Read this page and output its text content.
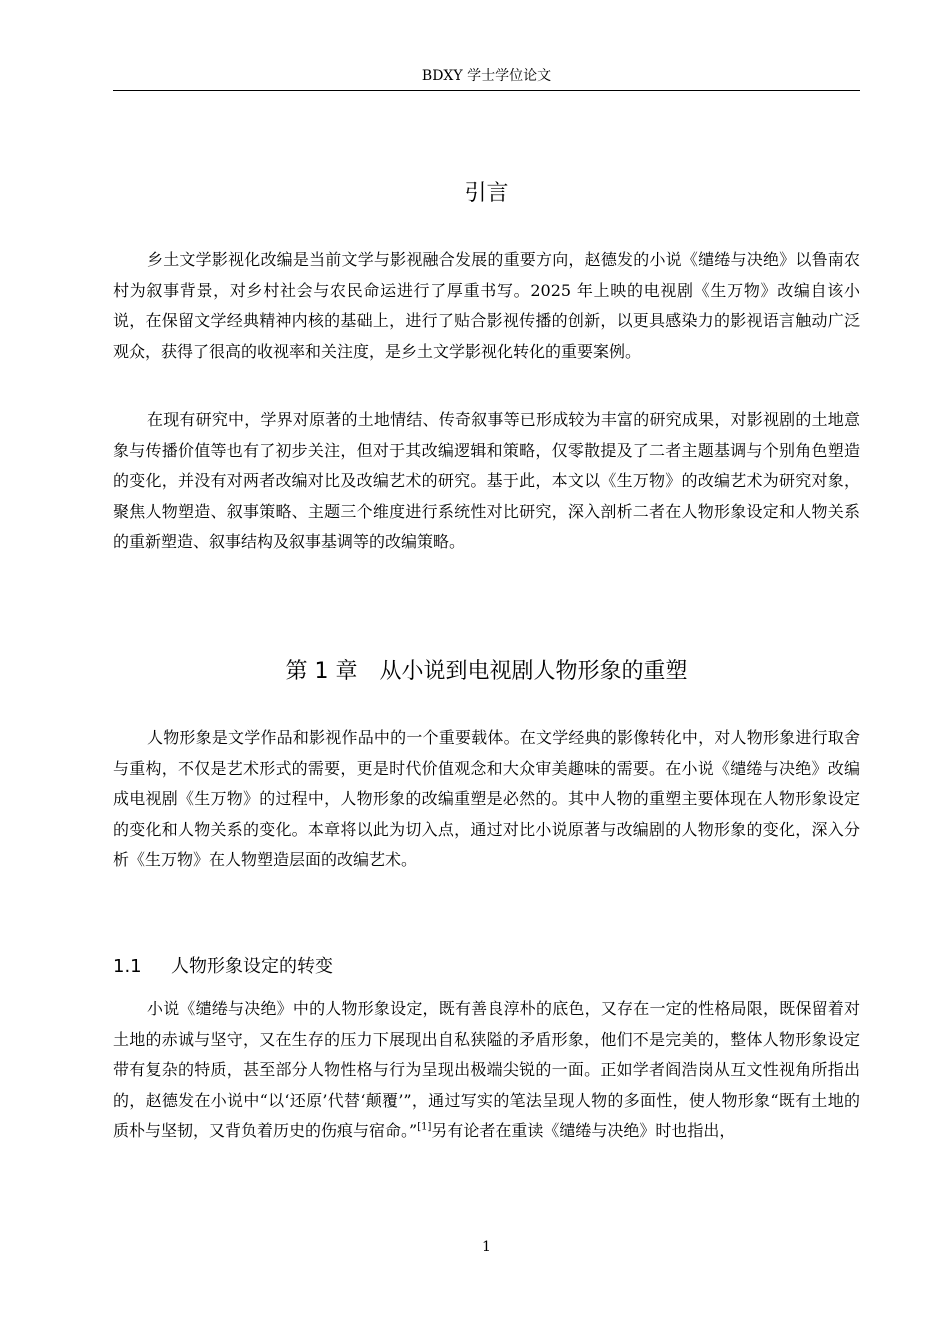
BDXY 学士学位论文
引言

乡土文学影视化改编是当前文学与影视融合发展的重要方向，赵德发的小说《缱绻与决绝》以鲁南农村为叙事背景，对乡村社会与农民命运进行了厚重书写。2025 年上映的电视剧《生万物》改编自该小说，在保留文学经典精神内核的基础上，进行了贴合影视传播的创新，以更具感染力的影视语言触动广泛观众，获得了很高的收视率和关注度，是乡土文学影视化转化的重要案例。

在现有研究中，学界对原著的土地情结、传奇叙事等已形成较为丰富的研究成果，对影视剧的土地意象与传播价值等也有了初步关注，但对于其改编逻辑和策略，仅零散提及了二者主题基调与个别角色塑造的变化，并没有对两者改编对比及改编艺术的研究。基于此，本文以《生万物》的改编艺术为研究对象，聚焦人物塑造、叙事策略、主题三个维度进行系统性对比研究，深入剖析二者在人物形象设定和人物关系的重新塑造、叙事结构及叙事基调等的改编策略。

第 1 章　从小说到电视剧人物形象的重塑

人物形象是文学作品和影视作品中的一个重要载体。在文学经典的影像转化中，对人物形象进行取舍与重构，不仅是艺术形式的需要，更是时代价值观念和大众审美趣味的需要。在小说《缱绻与决绝》改编成电视剧《生万物》的过程中，人物形象的改编重塑是必然的。其中人物的重塑主要体现在人物形象设定的变化和人物关系的变化。本章将以此为切入点，通过对比小说原著与改编剧的人物形象的变化，深入分析《生万物》在人物塑造层面的改编艺术。

1.1 人物形象设定的转变

小说《缱绻与决绝》中的人物形象设定，既有善良淳朴的底色，又存在一定的性格局限，既保留着对土地的赤诚与坚守，又在生存的压力下展现出自私狭隘的矛盾形象，他们不是完美的，整体人物形象设定带有复杂的特质，甚至部分人物性格与行为呈现出极端尖锐的一面。正如学者阎浩岗从互文性视角所指出的，赵德发在小说中“以‘还原’代替‘颠覆’”，通过写实的笔法呈现人物的多面性，使人物形象“既有土地的质朴与坚韧，又背负着历史的伤痕与宿命。”[1]另有论者在重读《缱绻与决绝》时也指出，

1
